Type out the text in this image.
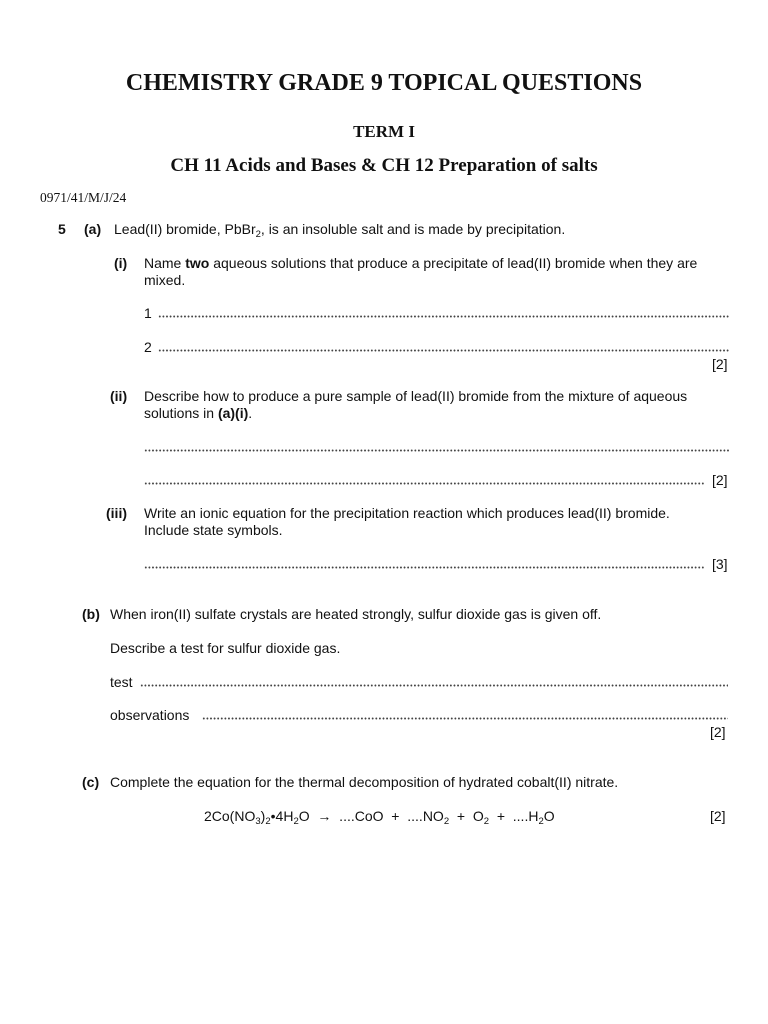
CHEMISTRY GRADE 9 TOPICAL QUESTIONS
TERM I
CH 11 Acids and Bases & CH 12 Preparation of salts
0971/41/M/J/24
5 (a) Lead(II) bromide, PbBr$_2$, is an insoluble salt and is made by precipitation.
(i) Name two aqueous solutions that produce a precipitate of lead(II) bromide when they are
mixed.
1
2
[2]
(ii) Describe how to produce a pure sample of lead(II) bromide from the mixture of aqueous
solutions in (a)(i).
[2]
(iii) Write an ionic equation for the precipitation reaction which produces lead(II) bromide.
Include state symbols.
[3]
(b) When iron(II) sulfate crystals are heated strongly, sulfur dioxide gas is given off.
Describe a test for sulfur dioxide gas.
test
observations
[2]
(c) Complete the equation for the thermal decomposition of hydrated cobalt(II) nitrate.
$2Co(NO_3)_2•4H_2O \to ....CoO + ....NO_2 + O_2 + ....H_2O$	[2]
